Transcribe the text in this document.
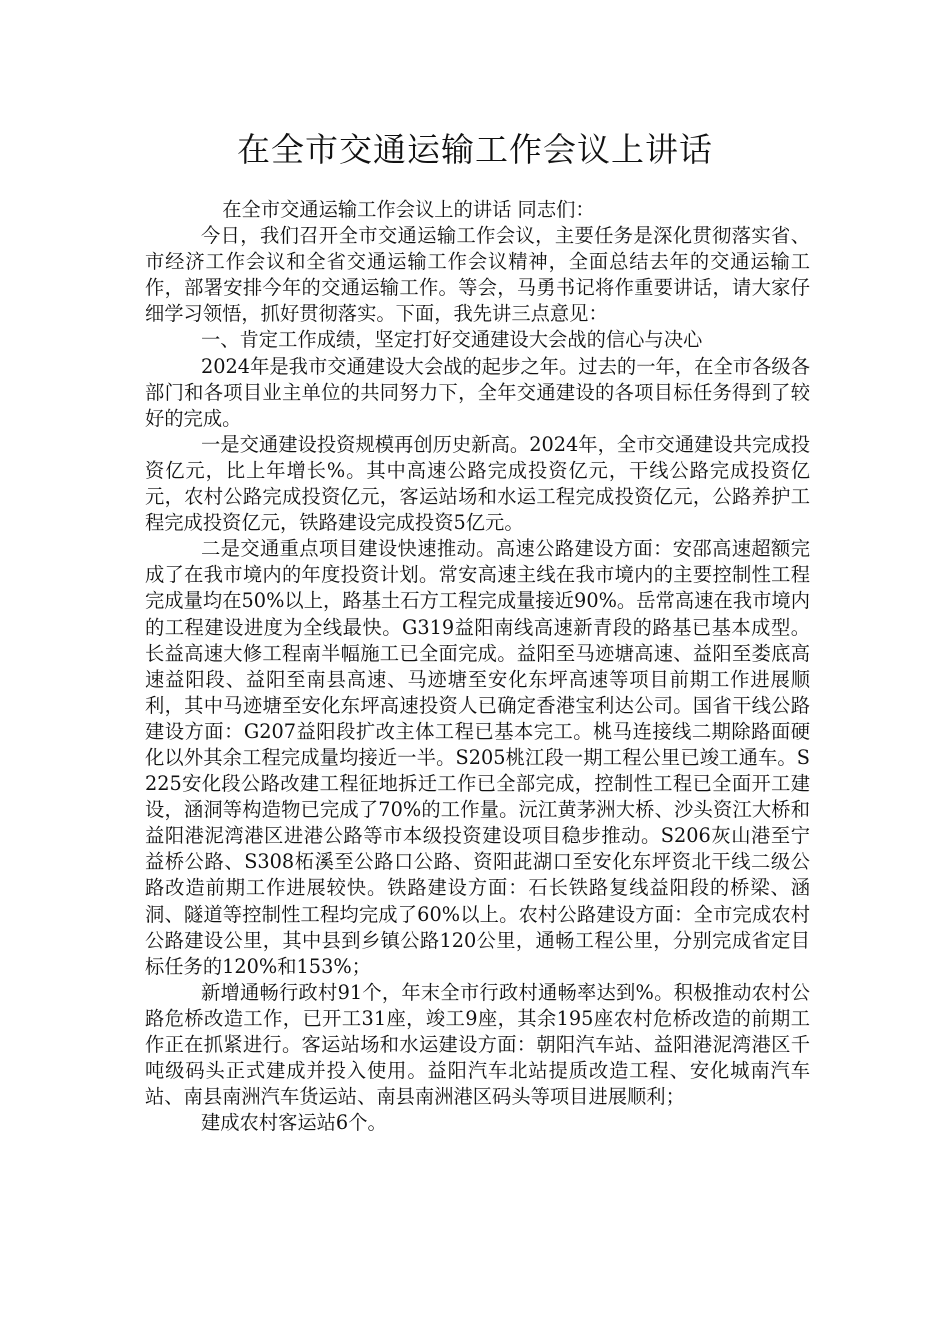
在全市交通运输工作会议上讲话

在全市交通运输工作会议上的讲话 同志们：

今日，我们召开全市交通运输工作会议，主要任务是深化贯彻落实省、市经济工作会议和全省交通运输工作会议精神，全面总结去年的交通运输工作，部署安排今年的交通运输工作。等会，马勇书记将作重要讲话，请大家仔细学习领悟，抓好贯彻落实。下面，我先讲三点意见：

一、肯定工作成绩，坚定打好交通建设大会战的信心与决心

2024年是我市交通建设大会战的起步之年。过去的一年，在全市各级各部门和各项目业主单位的共同努力下，全年交通建设的各项目标任务得到了较好的完成。

一是交通建设投资规模再创历史新高。2024年，全市交通建设共完成投资亿元，比上年增长%。其中高速公路完成投资亿元，干线公路完成投资亿元，农村公路完成投资亿元，客运站场和水运工程完成投资亿元，公路养护工程完成投资亿元，铁路建设完成投资5亿元。

二是交通重点项目建设快速推动。高速公路建设方面：安邵高速超额完成了在我市境内的年度投资计划。常安高速主线在我市境内的主要控制性工程完成量均在50%以上，路基土石方工程完成量接近90%。岳常高速在我市境内的工程建设进度为全线最快。G319益阳南线高速新青段的路基已基本成型。长益高速大修工程南半幅施工已全面完成。益阳至马迹塘高速、益阳至娄底高速益阳段、益阳至南县高速、马迹塘至安化东坪高速等项目前期工作进展顺利，其中马迹塘至安化东坪高速投资人已确定香港宝利达公司。国省干线公路建设方面：G207益阳段扩改主体工程已基本完工。桃马连接线二期除路面硬化以外其余工程完成量均接近一半。S205桃江段一期工程公里已竣工通车。S225安化段公路改建工程征地拆迁工作已全部完成，控制性工程已全面开工建设，涵洞等构造物已完成了70%的工作量。沅江黄茅洲大桥、沙头资江大桥和益阳港泥湾港区进港公路等市本级投资建设项目稳步推动。S206灰山港至宁益桥公路、S308柘溪至公路口公路、资阳茈湖口至安化东坪资北干线二级公路改造前期工作进展较快。铁路建设方面：石长铁路复线益阳段的桥梁、涵洞、隧道等控制性工程均完成了60%以上。农村公路建设方面：全市完成农村公路建设公里，其中县到乡镇公路120公里，通畅工程公里，分别完成省定目标任务的120%和153%；

新增通畅行政村91个，年末全市行政村通畅率达到%。积极推动农村公路危桥改造工作，已开工31座，竣工9座，其余195座农村危桥改造的前期工作正在抓紧进行。客运站场和水运建设方面：朝阳汽车站、益阳港泥湾港区千吨级码头正式建成并投入使用。益阳汽车北站提质改造工程、安化城南汽车站、南县南洲汽车货运站、南县南洲港区码头等项目进展顺利；

建成农村客运站6个。
